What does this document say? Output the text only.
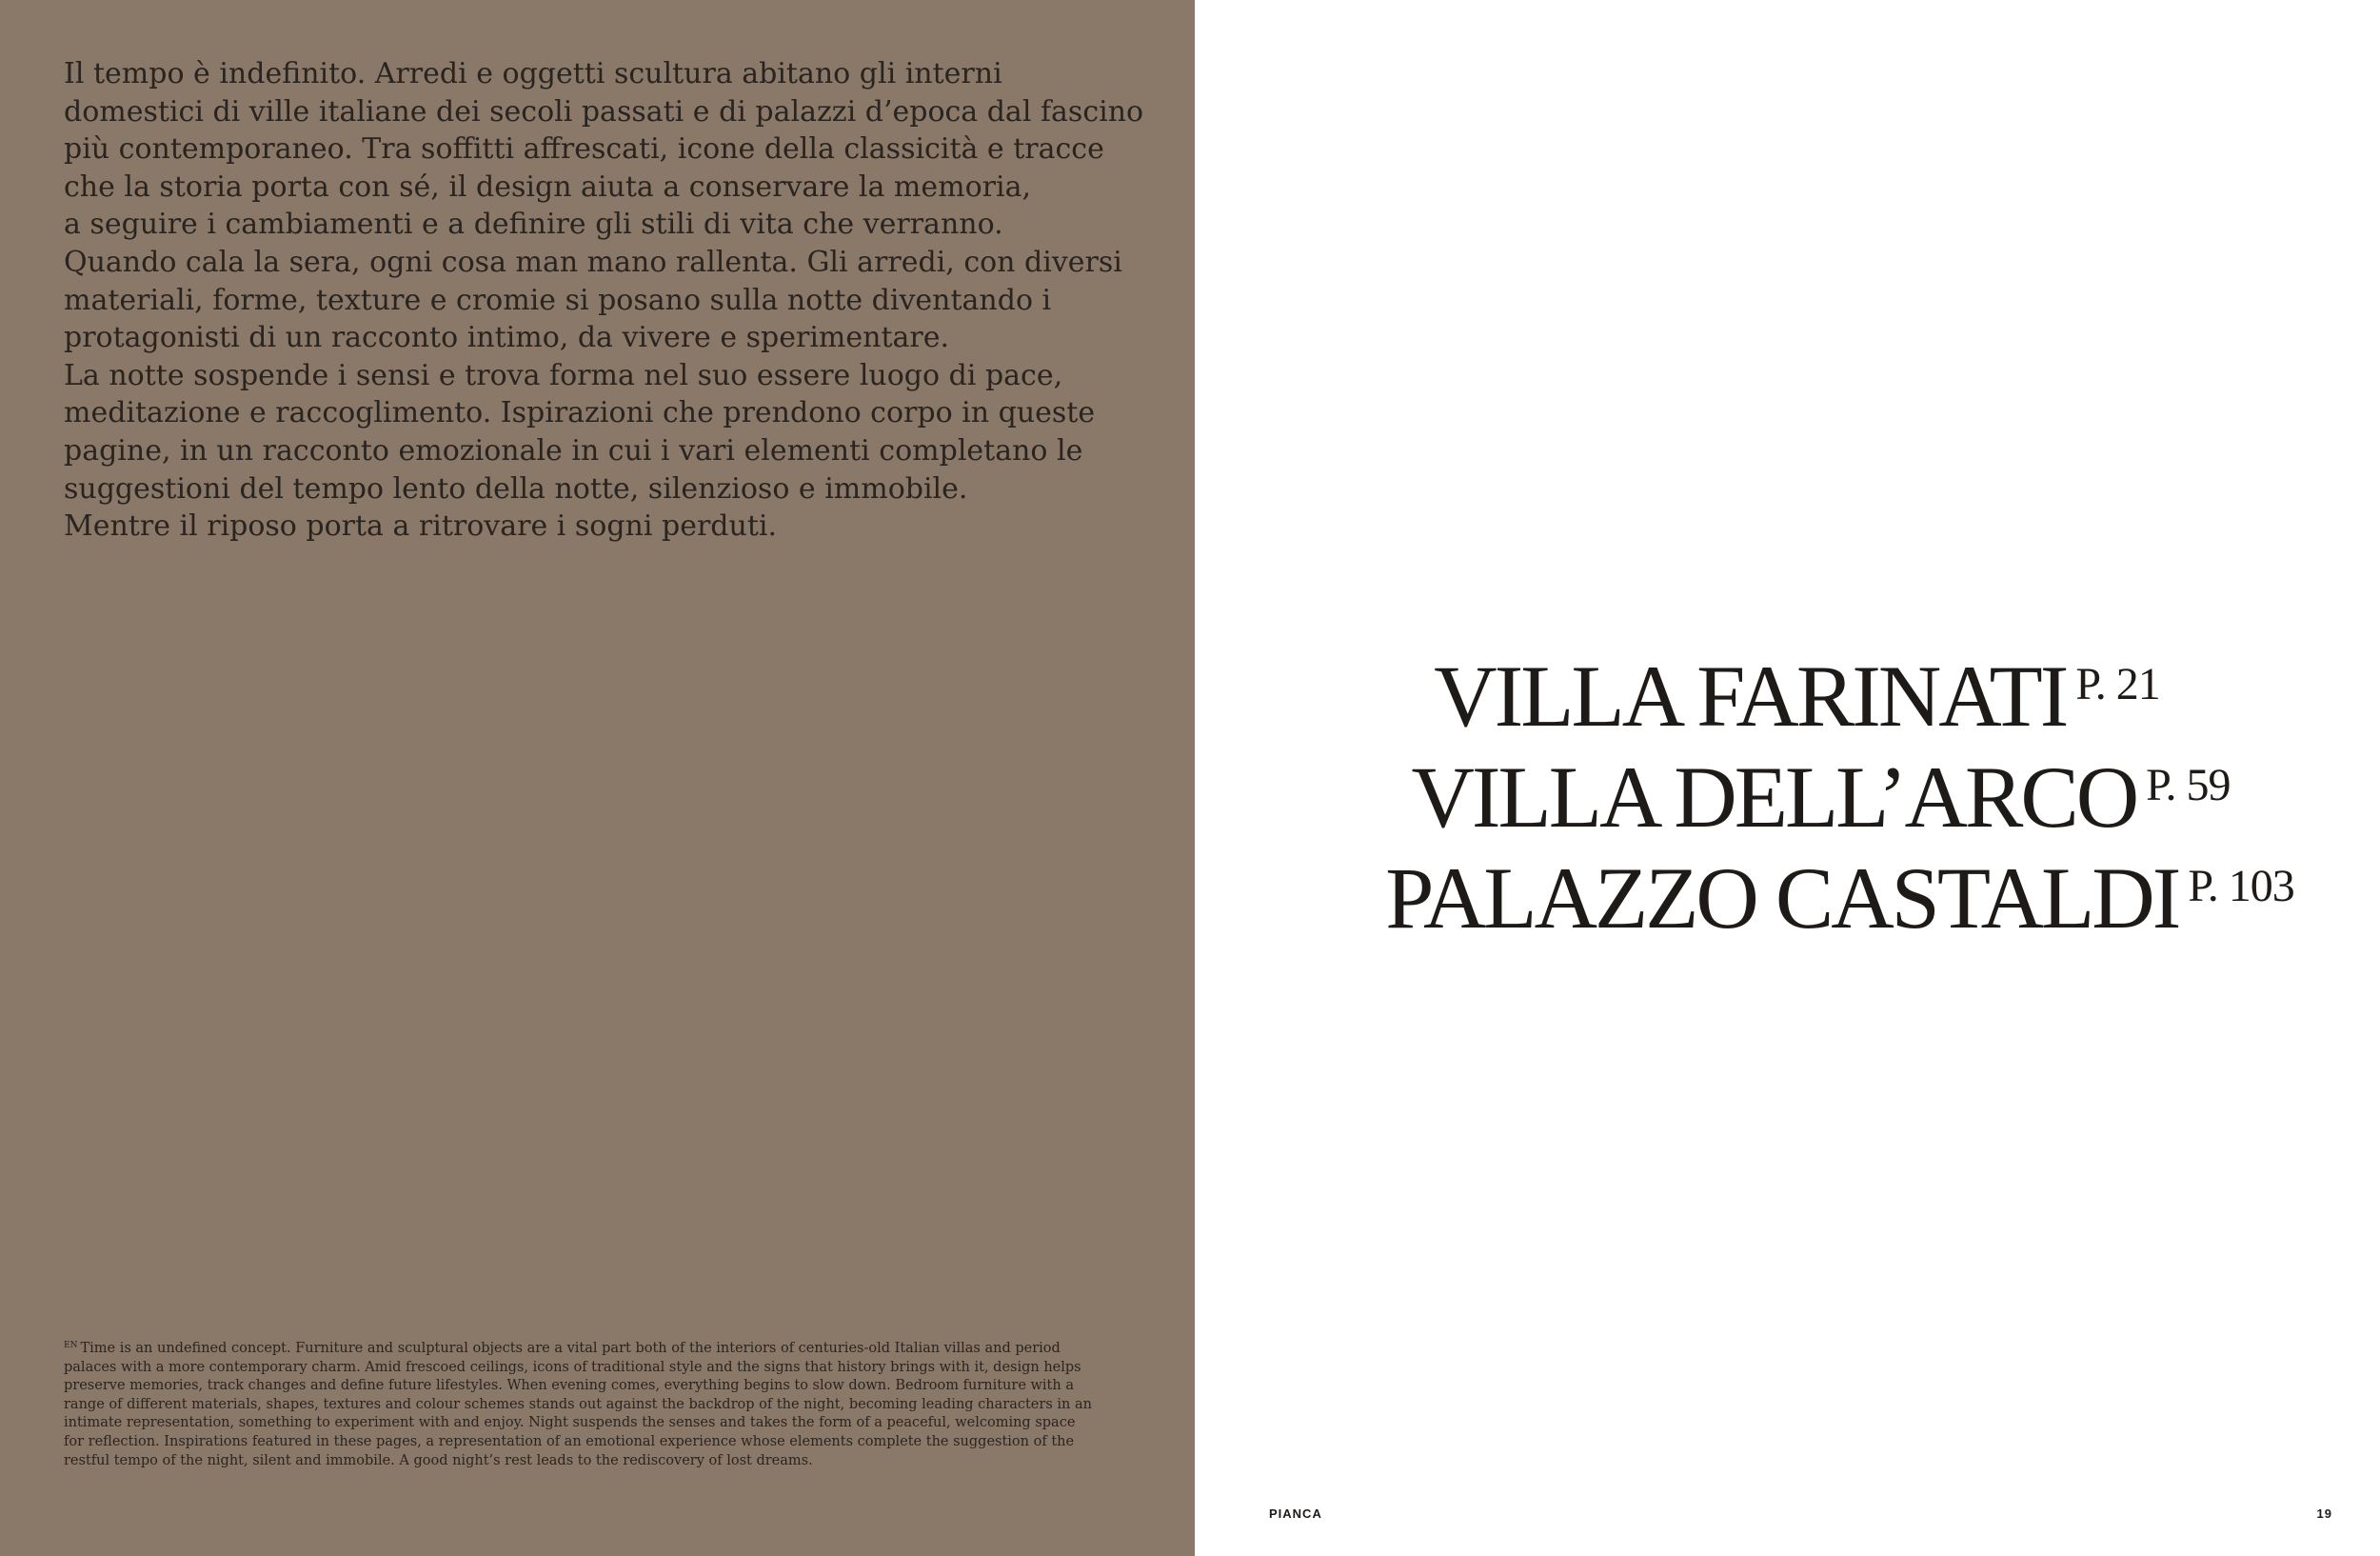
Il tempo è indefinito. Arredi e oggetti scultura abitano gli interni
domestici di ville italiane dei secoli passati e di palazzi d’epoca dal fascino
più contemporaneo. Tra soffitti affrescati, icone della classicità e tracce
che la storia porta con sé, il design aiuta a conservare la memoria,
a seguire i cambiamenti e a definire gli stili di vita che verranno.
Quando cala la sera, ogni cosa man mano rallenta. Gli arredi, con diversi
materiali, forme, texture e cromie si posano sulla notte diventando i
protagonisti di un racconto intimo, da vivere e sperimentare.
La notte sospende i sensi e trova forma nel suo essere luogo di pace,
meditazione e raccoglimento. Ispirazioni che prendono corpo in queste
pagine, in un racconto emozionale in cui i vari elementi completano le
suggestioni del tempo lento della notte, silenzioso e immobile.
Mentre il riposo porta a ritrovare i sogni perduti.
$^{EN}$ Time is an undefined concept. Furniture and sculptural objects are a vital part both of the interiors of centuries-old Italian villas and period
palaces with a more contemporary charm. Amid frescoed ceilings, icons of traditional style and the signs that history brings with it, design helps
preserve memories, track changes and define future lifestyles. When evening comes, everything begins to slow down. Bedroom furniture with a
range of different materials, shapes, textures and colour schemes stands out against the backdrop of the night, becoming leading characters in an
intimate representation, something to experiment with and enjoy. Night suspends the senses and takes the form of a peaceful, welcoming space
for reflection. Inspirations featured in these pages, a representation of an emotional experience whose elements complete the suggestion of the
restful tempo of the night, silent and immobile. A good night’s rest leads to the rediscovery of lost dreams.
VILLA FARINATI $^{P. 21}$
VILLA DELL’ARCO $^{P. 59}$
PALAZZO CASTALDI $^{P. 103}$
PIANCA	19
